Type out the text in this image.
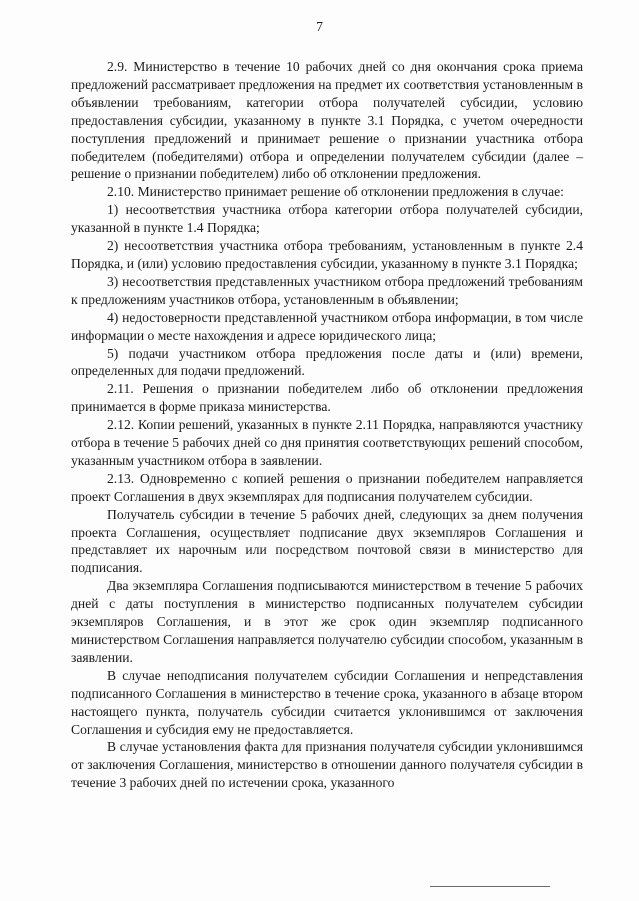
7

2.9. Министерство в течение 10 рабочих дней со дня окончания срока приема предложений рассматривает предложения на предмет их соответствия установленным в объявлении требованиям, категории отбора получателей субсидии, условию предоставления субсидии, указанному в пункте 3.1 Порядка, с учетом очередности поступления предложений и принимает решение о признании участника отбора победителем (победителями) отбора и определении получателем субсидии (далее – решение о признании победителем) либо об отклонении предложения.

2.10. Министерство принимает решение об отклонении предложения в случае:

1) несоответствия участника отбора категории отбора получателей субсидии, указанной в пункте 1.4 Порядка;

2) несоответствия участника отбора требованиям, установленным в пункте 2.4 Порядка, и (или) условию предоставления субсидии, указанному в пункте 3.1 Порядка;

3) несоответствия представленных участником отбора предложений требованиям к предложениям участников отбора, установленным в объявлении;

4) недостоверности представленной участником отбора информации, в том числе информации о месте нахождения и адресе юридического лица;

5) подачи участником отбора предложения после даты и (или) времени, определенных для подачи предложений.

2.11. Решения о признании победителем либо об отклонении предложения принимается в форме приказа министерства.

2.12. Копии решений, указанных в пункте 2.11 Порядка, направляются участнику отбора в течение 5 рабочих дней со дня принятия соответствующих решений способом, указанным участником отбора в заявлении.

2.13. Одновременно с копией решения о признании победителем направляется проект Соглашения в двух экземплярах для подписания получателем субсидии.

Получатель субсидии в течение 5 рабочих дней, следующих за днем получения проекта Соглашения, осуществляет подписание двух экземпляров Соглашения и представляет их нарочным или посредством почтовой связи в министерство для подписания.

Два экземпляра Соглашения подписываются министерством в течение 5 рабочих дней с даты поступления в министерство подписанных получателем субсидии экземпляров Соглашения, и в этот же срок один экземпляр подписанного министерством Соглашения направляется получателю субсидии способом, указанным в заявлении.

В случае неподписания получателем субсидии Соглашения и непредставления подписанного Соглашения в министерство в течение срока, указанного в абзаце втором настоящего пункта, получатель субсидии считается уклонившимся от заключения Соглашения и субсидия ему не предоставляется.

В случае установления факта для признания получателя субсидии уклонившимся от заключения Соглашения, министерство в отношении данного получателя субсидии в течение 3 рабочих дней по истечении срока, указанного
